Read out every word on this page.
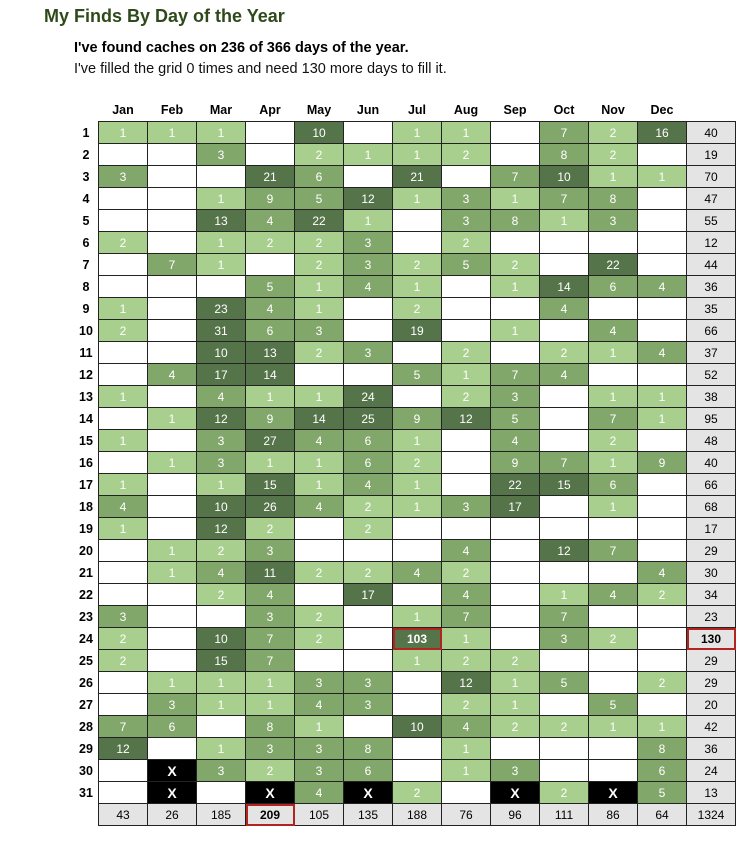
My Finds By Day of the Year
I've found caches on 236 of 366 days of the year.
I've filled the grid 0 times and need 130 more days to fill it.
	Jan	Feb	Mar	Apr	May	Jun	Jul	Aug	Sep	Oct	Nov	Dec	
1	1	1	1		10		1	1		7	2	16	40
2			3		2	1	1	2		8	2		19
3	3			21	6		21		7	10	1	1	70
4			1	9	5	12	1	3	1	7	8		47
5			13	4	22	1		3	8	1	3		55
6	2		1	2	2	3		2					12
7		7	1		2	3	2	5	2		22		44
8				5	1	4	1		1	14	6	4	36
9	1		23	4	1		2			4			35
10	2		31	6	3		19		1		4		66
11			10	13	2	3		2		2	1	4	37
12		4	17	14			5	1	7	4			52
13	1		4	1	1	24		2	3		1	1	38
14		1	12	9	14	25	9	12	5		7	1	95
15	1		3	27	4	6	1		4		2		48
16		1	3	1	1	6	2		9	7	1	9	40
17	1		1	15	1	4	1		22	15	6		66
18	4		10	26	4	2	1	3	17		1		68
19	1		12	2		2							17
20		1	2	3				4		12	7		29
21		1	4	11	2	2	4	2				4	30
22			2	4		17		4		1	4	2	34
23	3			3	2		1	7		7			23
24	2		10	7	2		103	1		3	2		130
25	2		15	7			1	2	2				29
26		1	1	1	3	3		12	1	5		2	29
27		3	1	1	4	3		2	1		5		20
28	7	6		8	1		10	4	2	2	1	1	42
29	12		1	3	3	8		1				8	36
30		X	3	2	3	6		1	3			6	24
31		X		X	4	X	2		X	2	X	5	13
	43	26	185	209	105	135	188	76	96	111	86	64	1324
